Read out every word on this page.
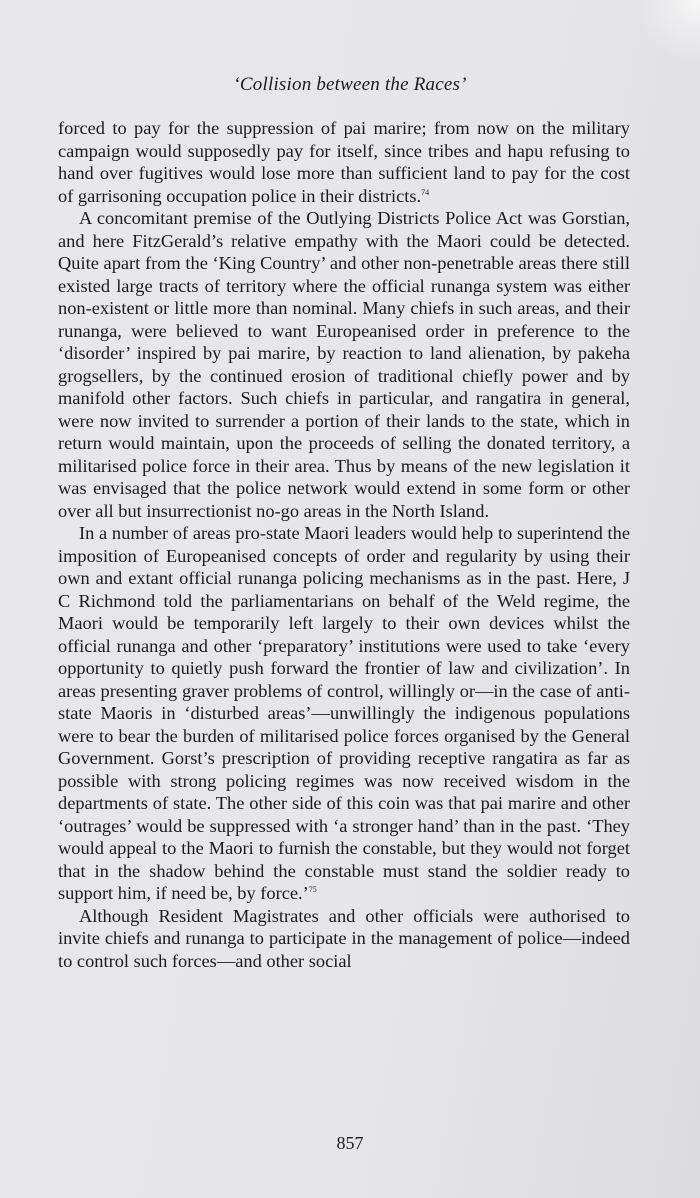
‘Collision between the Races’

forced to pay for the suppression of pai marire; from now on the military campaign would supposedly pay for itself, since tribes and hapu refusing to hand over fugitives would lose more than sufficient land to pay for the cost of garrisoning occupation police in their districts.$^{74}$

A concomitant premise of the Outlying Districts Police Act was Gorstian, and here FitzGerald’s relative empathy with the Maori could be detected. Quite apart from the ‘King Country’ and other non-penetrable areas there still existed large tracts of territory where the official runanga system was either non-existent or little more than nominal. Many chiefs in such areas, and their runanga, were believed to want Europeanised order in preference to the ‘disorder’ inspired by pai marire, by reaction to land alienation, by pakeha grogsellers, by the continued erosion of traditional chiefly power and by manifold other factors. Such chiefs in particular, and rangatira in general, were now invited to surrender a portion of their lands to the state, which in return would maintain, upon the proceeds of selling the donated territory, a militarised police force in their area. Thus by means of the new legislation it was envisaged that the police network would extend in some form or other over all but insurrectionist no-go areas in the North Island.

In a number of areas pro-state Maori leaders would help to superintend the imposition of Europeanised concepts of order and regularity by using their own and extant official runanga policing mechanisms as in the past. Here, J C Richmond told the parliamentarians on behalf of the Weld regime, the Maori would be temporarily left largely to their own devices whilst the official runanga and other ‘preparatory’ institutions were used to take ‘every opportunity to quietly push forward the frontier of law and civilization’. In areas presenting graver problems of control, willingly or—in the case of anti-state Maoris in ‘disturbed areas’—unwillingly the indigenous populations were to bear the burden of militarised police forces organised by the General Government. Gorst’s prescription of providing receptive rangatira as far as possible with strong policing regimes was now received wisdom in the departments of state. The other side of this coin was that pai marire and other ‘outrages’ would be suppressed with ‘a stronger hand’ than in the past. ‘They would appeal to the Maori to furnish the constable, but they would not forget that in the shadow behind the constable must stand the soldier ready to support him, if need be, by force.’$^{75}$

Although Resident Magistrates and other officials were authorised to invite chiefs and runanga to participate in the management of police—indeed to control such forces—and other social

857
